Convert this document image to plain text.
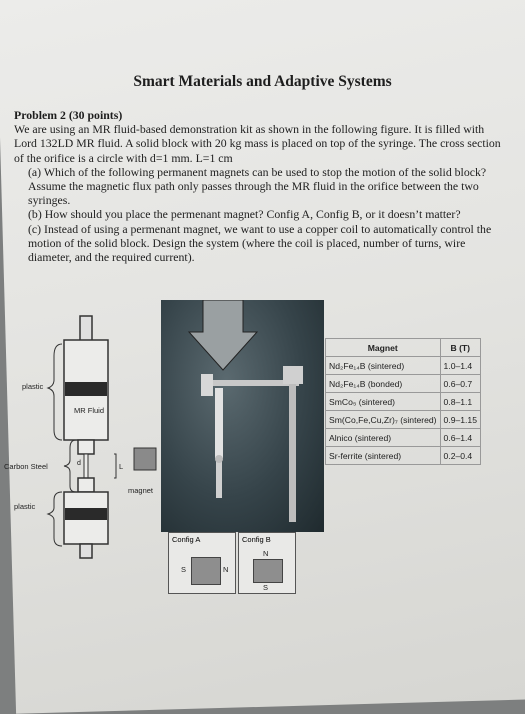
Smart Materials and Adaptive Systems

Problem 2 (30 points)

We are using an MR fluid-based demonstration kit as shown in the following figure. It is filled with Lord 132LD MR fluid. A solid block with 20 kg mass is placed on top of the syringe. The cross section of the orifice is a circle with d=1 mm. L=1 cm

(a) Which of the following permanent magnets can be used to stop the motion of the solid block? Assume the magnetic flux path only passes through the MR fluid in the orifice between the two syringes.

(b) How should you place the permenant magnet? Config A, Config B, or it doesn’t matter?

(c) Instead of using a permenant magnet, we want to use a copper coil to automatically control the motion of the solid block. Design the system (where the coil is placed, number of turns, wire diameter, and the required current).

plastic
MR Fluid
Carbon Steel	d	L
magnet
plastic
Magnet	B (T)
Nd₂Fe₁₄B (sintered)	1.0–1.4
Nd₂Fe₁₄B (bonded)	0.6–0.7
SmCo₅ (sintered)	0.8–1.1
Sm(Co,Fe,Cu,Zr)₇ (sintered)	0.9–1.15
Alnico (sintered)	0.6–1.4
Sr-ferrite (sintered)	0.2–0.4
Config A
S	N
Config B
N
S
